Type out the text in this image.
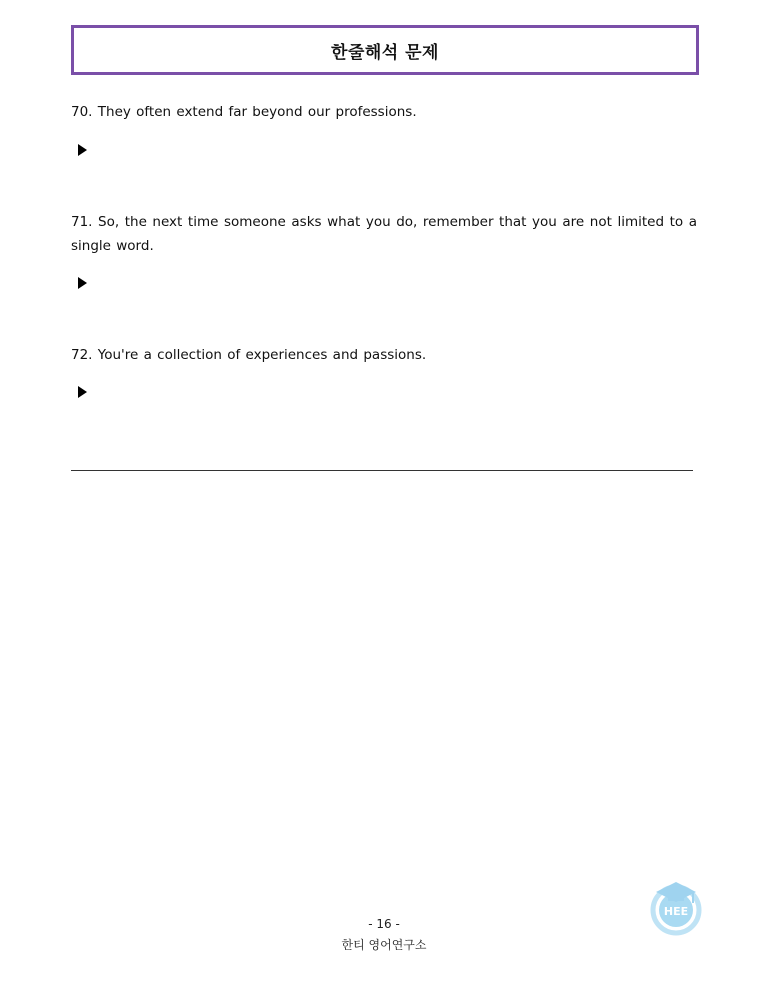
한줄해석 문제
70. They often extend far beyond our professions.
71. So, the next time someone asks what you do, remember that you are not limited to a single word.
72. You're a collection of experiences and passions.
- 16 -
한티 영어연구소
HEE
